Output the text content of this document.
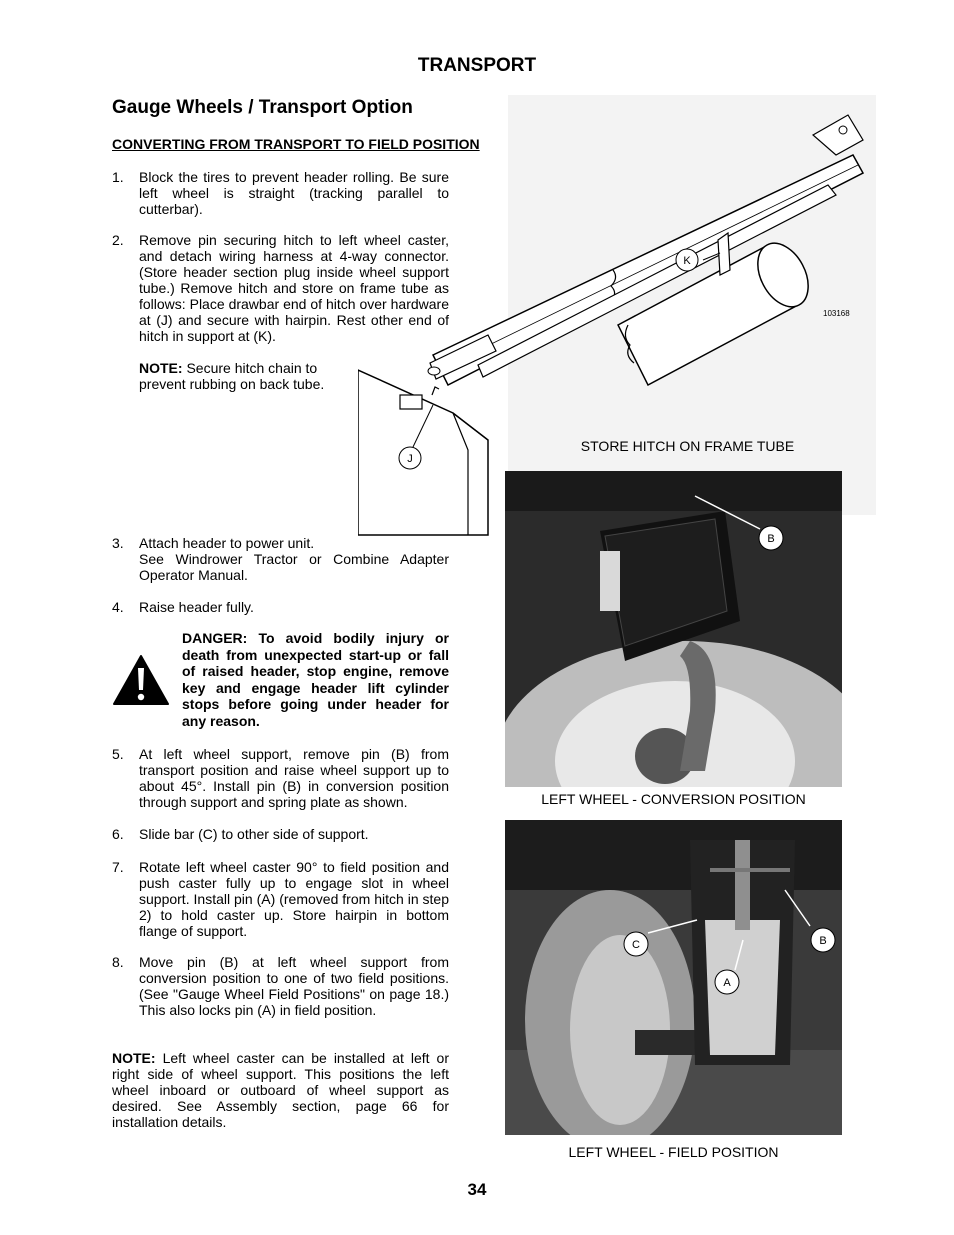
TRANSPORT
Gauge Wheels / Transport Option
CONVERTING FROM TRANSPORT TO FIELD POSITION
1.	Block the tires to prevent header rolling. Be sure left wheel is straight (tracking parallel to cutterbar).
2.	Remove pin securing hitch to left wheel caster, and detach wiring harness at 4-way connector. (Store header section plug inside wheel support tube.) Remove hitch and store on frame tube as follows: Place drawbar end of hitch over hardware at (J) and secure with hairpin. Rest other end of hitch in support at (K).
NOTE: Secure hitch chain to prevent rubbing on back tube.
3.	Attach header to power unit.
See Windrower Tractor or Combine Adapter Operator Manual.
4.	Raise header fully.
DANGER: To avoid bodily injury or death from unexpected start-up or fall of raised header, stop engine, remove key and engage header lift cylinder stops before going under header for any reason.
5.	At left wheel support, remove pin (B) from transport position and raise wheel support up to about 45°. Install pin (B) in conversion position through support and spring plate as shown.
6.	Slide bar (C) to other side of support.
7.	Rotate left wheel caster 90° to field position and push caster fully up to engage slot in wheel support. Install pin (A) (removed from hitch in step 2) to hold caster up. Store hairpin in bottom flange of support.
8.	Move pin (B) at left wheel support from conversion position to one of two field positions. (See "Gauge Wheel Field Positions" on page 18.) This also locks pin (A) in field position.
NOTE: Left wheel caster can be installed at left or right side of wheel support. This positions the left wheel inboard or outboard of wheel support as desired. See Assembly section, page 66 for installation details.
K
103168
J
STORE HITCH ON FRAME TUBE
B
LEFT WHEEL - CONVERSION POSITION
C	B
A
LEFT WHEEL - FIELD POSITION
34
